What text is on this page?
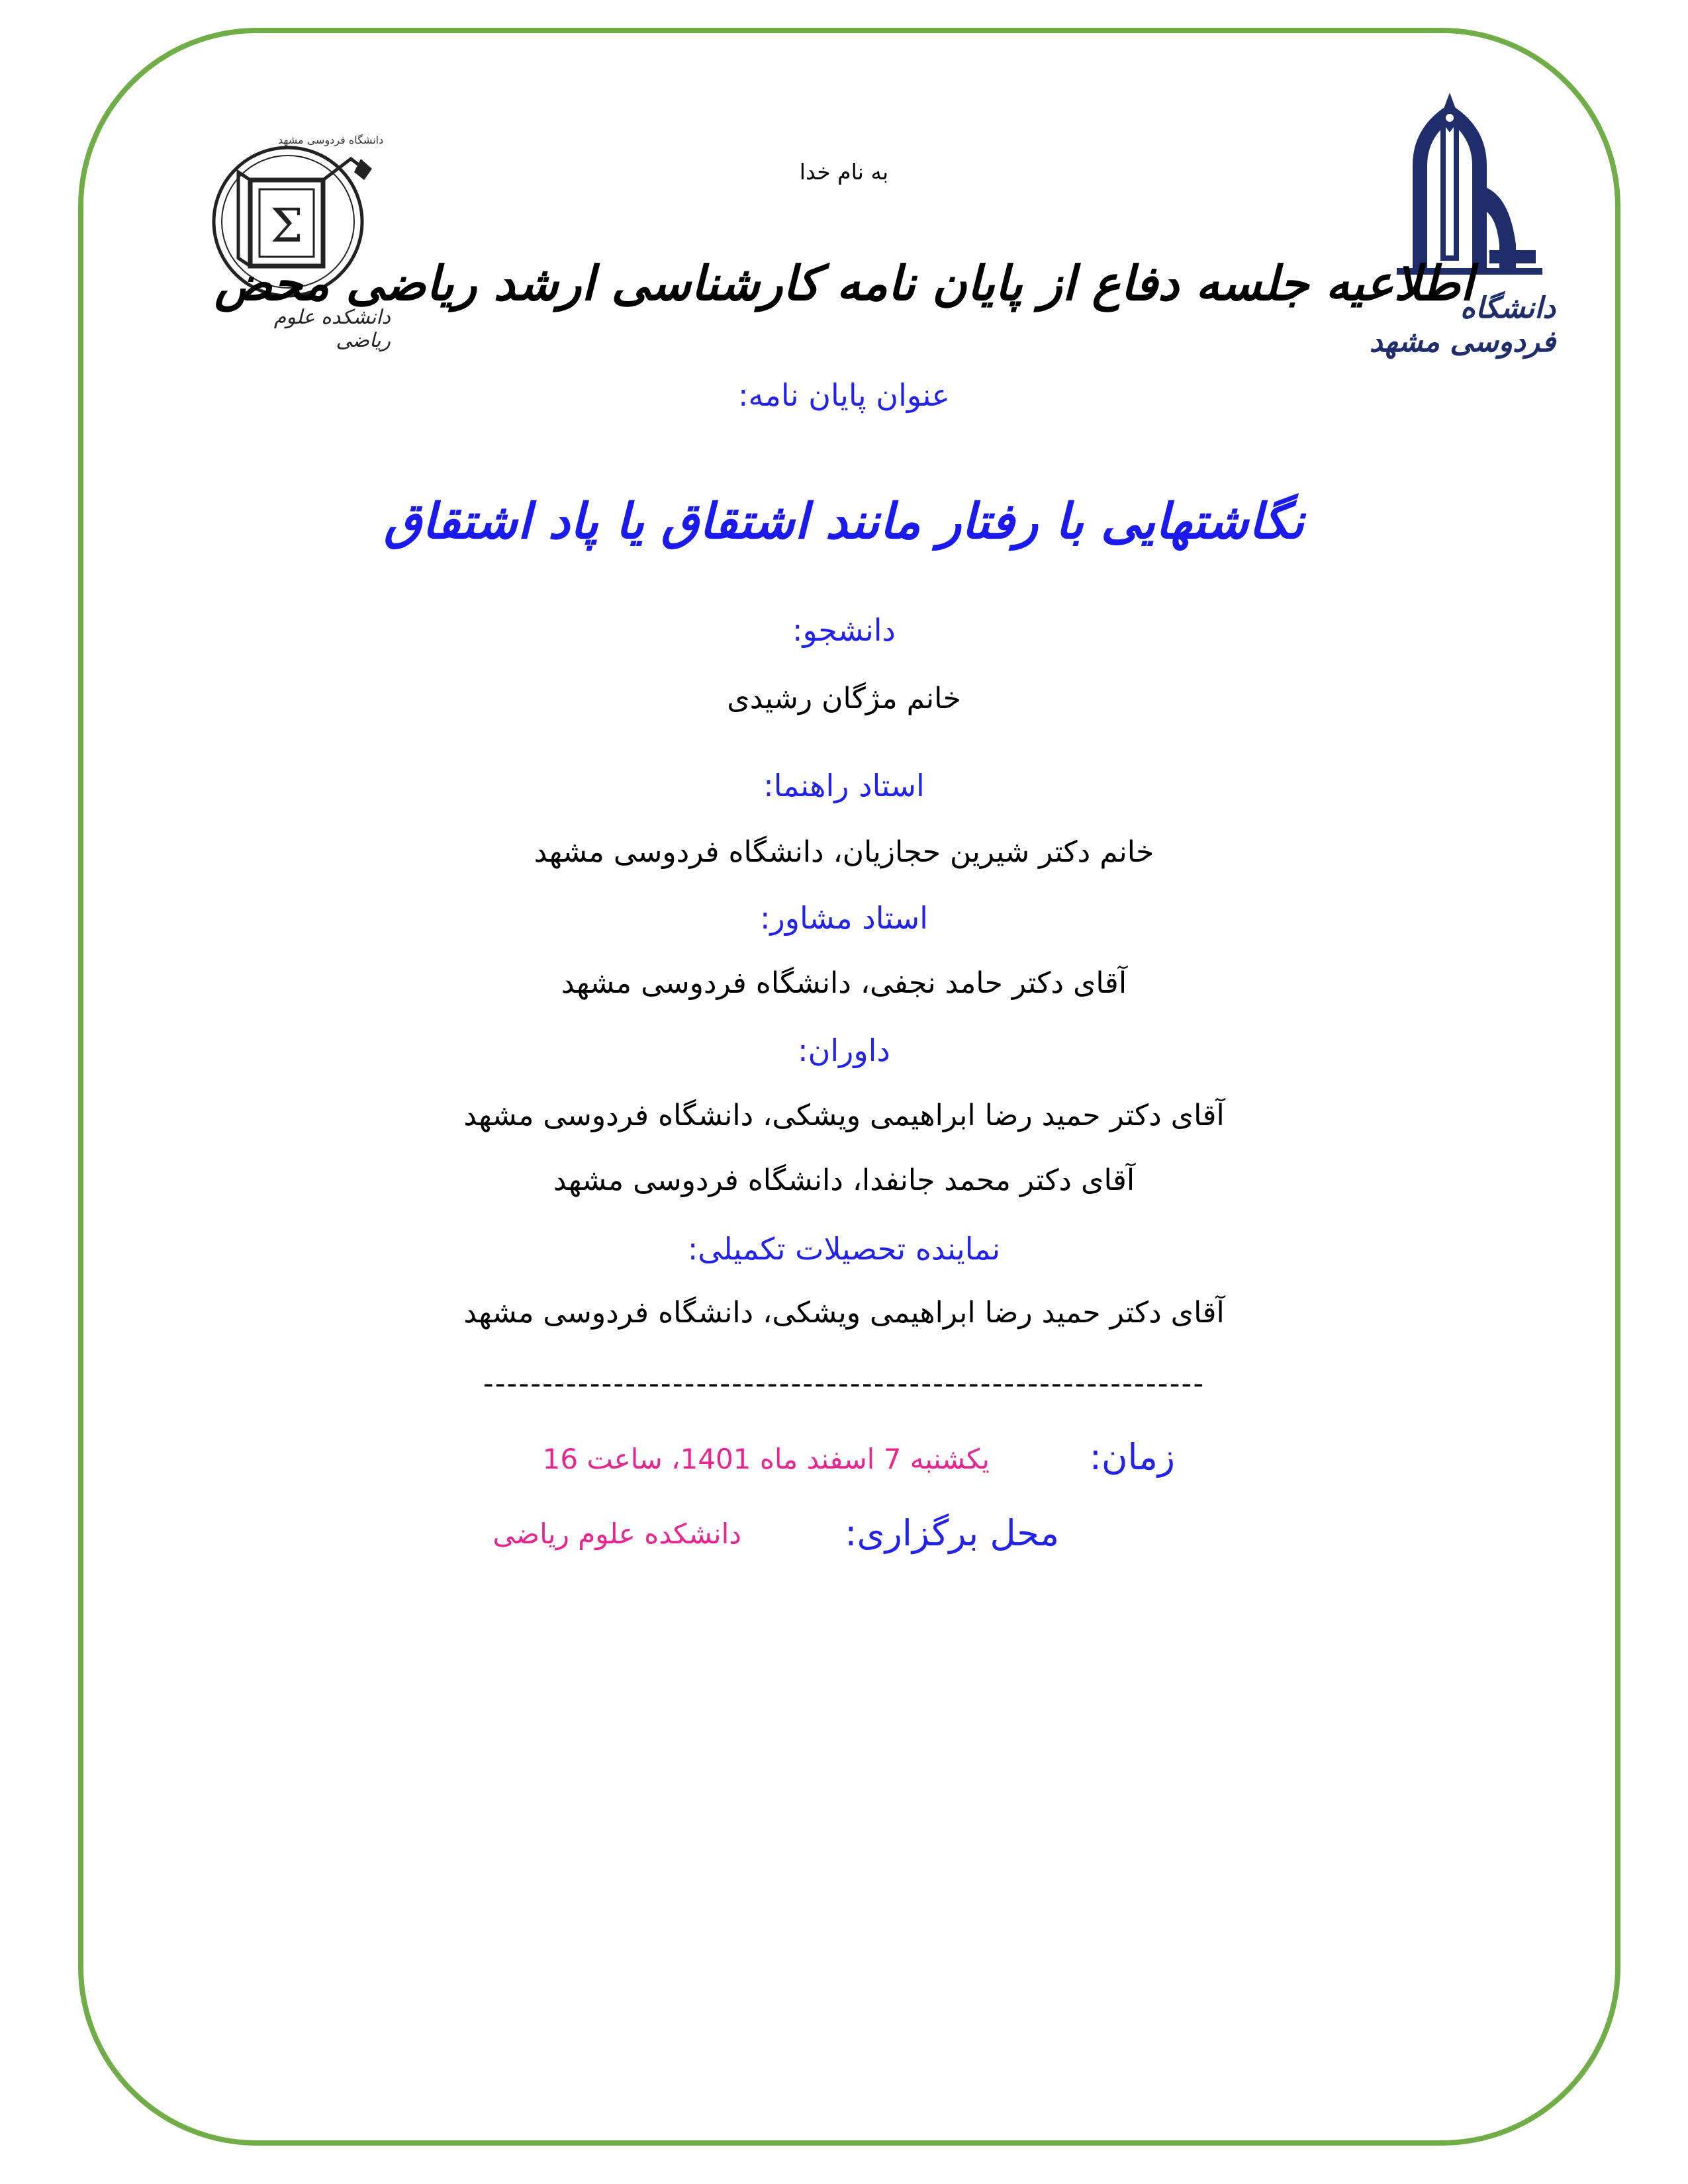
Σ
دانشگاه فردوسی مشهد
دانشکده علوم ریاضی
دانشگاه فردوسی مشهد
به نام خدا
اطلاعیه جلسه دفاع از پایان نامه کارشناسی ارشد ریاضی محض
عنوان پایان نامه:
نگاشتهایی با رفتار مانند اشتقاق یا پاد اشتقاق
دانشجو:
خانم مژگان رشیدی
استاد راهنما:
خانم دکتر شیرین حجازیان، دانشگاه فردوسی مشهد
استاد مشاور:
آقای دکتر حامد نجفی، دانشگاه فردوسی مشهد
داوران:
آقای دکتر حمید رضا ابراهیمی ویشکی، دانشگاه فردوسی مشهد
آقای دکتر محمد جانفدا، دانشگاه فردوسی مشهد
نماینده تحصیلات تکمیلی:
آقای دکتر حمید رضا ابراهیمی ویشکی، دانشگاه فردوسی مشهد
-------------------------------------------------------------
زمان:
یکشنبه 7 اسفند ماه 1401، ساعت 16
محل برگزاری:
دانشکده علوم ریاضی
